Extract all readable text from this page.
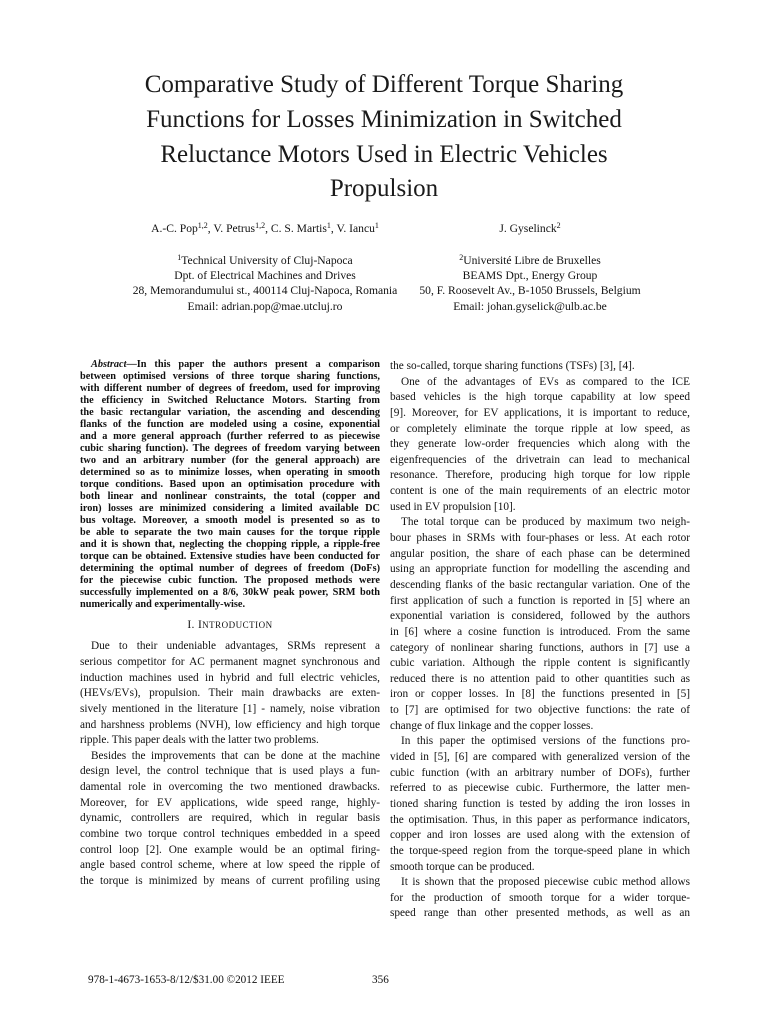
Comparative Study of Different Torque Sharing
Functions for Losses Minimization in Switched
Reluctance Motors Used in Electric Vehicles
Propulsion
A.-C. Pop$^{1,2}$, V. Petrus$^{1,2}$, C. S. Martis$^1$, V. Iancu$^1$	J. Gyselinck$^2$
$^1$Technical University of Cluj-Napoca
Dpt. of Electrical Machines and Drives
28, Memorandumului st., 400114 Cluj-Napoca, Romania
Email: adrian.pop@mae.utcluj.ro
$^2$Université Libre de Bruxelles
BEAMS Dpt., Energy Group
50, F. Roosevelt Av., B-1050 Brussels, Belgium
Email: johan.gyselick@ulb.ac.be
Abstract—In this paper the authors present a comparison
between optimised versions of three torque sharing functions,
with different number of degrees of freedom, used for improving
the efficiency in Switched Reluctance Motors. Starting from
the basic rectangular variation, the ascending and descending
flanks of the function are modeled using a cosine, exponential
and a more general approach (further referred to as piecewise
cubic sharing function). The degrees of freedom varying between
two and an arbitrary number (for the general approach) are
determined so as to minimize losses, when operating in smooth
torque conditions. Based upon an optimisation procedure with
both linear and nonlinear constraints, the total (copper and
iron) losses are minimized considering a limited available DC
bus voltage. Moreover, a smooth model is presented so as to
be able to separate the two main causes for the torque ripple
and it is shown that, neglecting the chopping ripple, a ripple-free
torque can be obtained. Extensive studies have been conducted for
determining the optimal number of degrees of freedom (DoFs)
for the piecewise cubic function. The proposed methods were
successfully implemented on a 8/6, 30kW peak power, SRM both
numerically and experimentally-wise.
I. INTRODUCTION
Due to their undeniable advantages, SRMs represent a
serious competitor for AC permanent magnet synchronous and
induction machines used in hybrid and full electric vehicles,
(HEVs/EVs), propulsion. Their main drawbacks are exten-
sively mentioned in the literature [1] - namely, noise vibration
and harshness problems (NVH), low efficiency and high torque
ripple. This paper deals with the latter two problems.
Besides the improvements that can be done at the machine
design level, the control technique that is used plays a fun-
damental role in overcoming the two mentioned drawbacks.
Moreover, for EV applications, wide speed range, highly-
dynamic, controllers are required, which in regular basis
combine two torque control techniques embedded in a speed
control loop [2]. One example would be an optimal firing-
angle based control scheme, where at low speed the ripple of
the torque is minimized by means of current profiling using
the so-called, torque sharing functions (TSFs) [3], [4].
One of the advantages of EVs as compared to the ICE
based vehicles is the high torque capability at low speed
[9]. Moreover, for EV applications, it is important to reduce,
or completely eliminate the torque ripple at low speed, as
they generate low-order frequencies which along with the
eigenfrequencies of the drivetrain can lead to mechanical
resonance. Therefore, producing high torque for low ripple
content is one of the main requirements of an electric motor
used in EV propulsion [10].
The total torque can be produced by maximum two neigh-
bour phases in SRMs with four-phases or less. At each rotor
angular position, the share of each phase can be determined
using an appropriate function for modelling the ascending and
descending flanks of the basic rectangular variation. One of the
first application of such a function is reported in [5] where an
exponential variation is considered, followed by the authors
in [6] where a cosine function is introduced. From the same
category of nonlinear sharing functions, authors in [7] use a
cubic variation. Although the ripple content is significantly
reduced there is no attention paid to other quantities such as
iron or copper losses. In [8] the functions presented in [5]
to [7] are optimised for two objective functions: the rate of
change of flux linkage and the copper losses.
In this paper the optimised versions of the functions pro-
vided in [5], [6] are compared with generalized version of the
cubic function (with an arbitrary number of DOFs), further
referred to as piecewise cubic. Furthermore, the latter men-
tioned sharing function is tested by adding the iron losses in
the optimisation. Thus, in this paper as performance indicators,
copper and iron losses are used along with the extension of
the torque-speed region from the torque-speed plane in which
smooth torque can be produced.
It is shown that the proposed piecewise cubic method allows
for the production of smooth torque for a wider torque-
speed range than other presented methods, as well as an
978-1-4673-1653-8/12/$31.00 ©2012 IEEE	356
